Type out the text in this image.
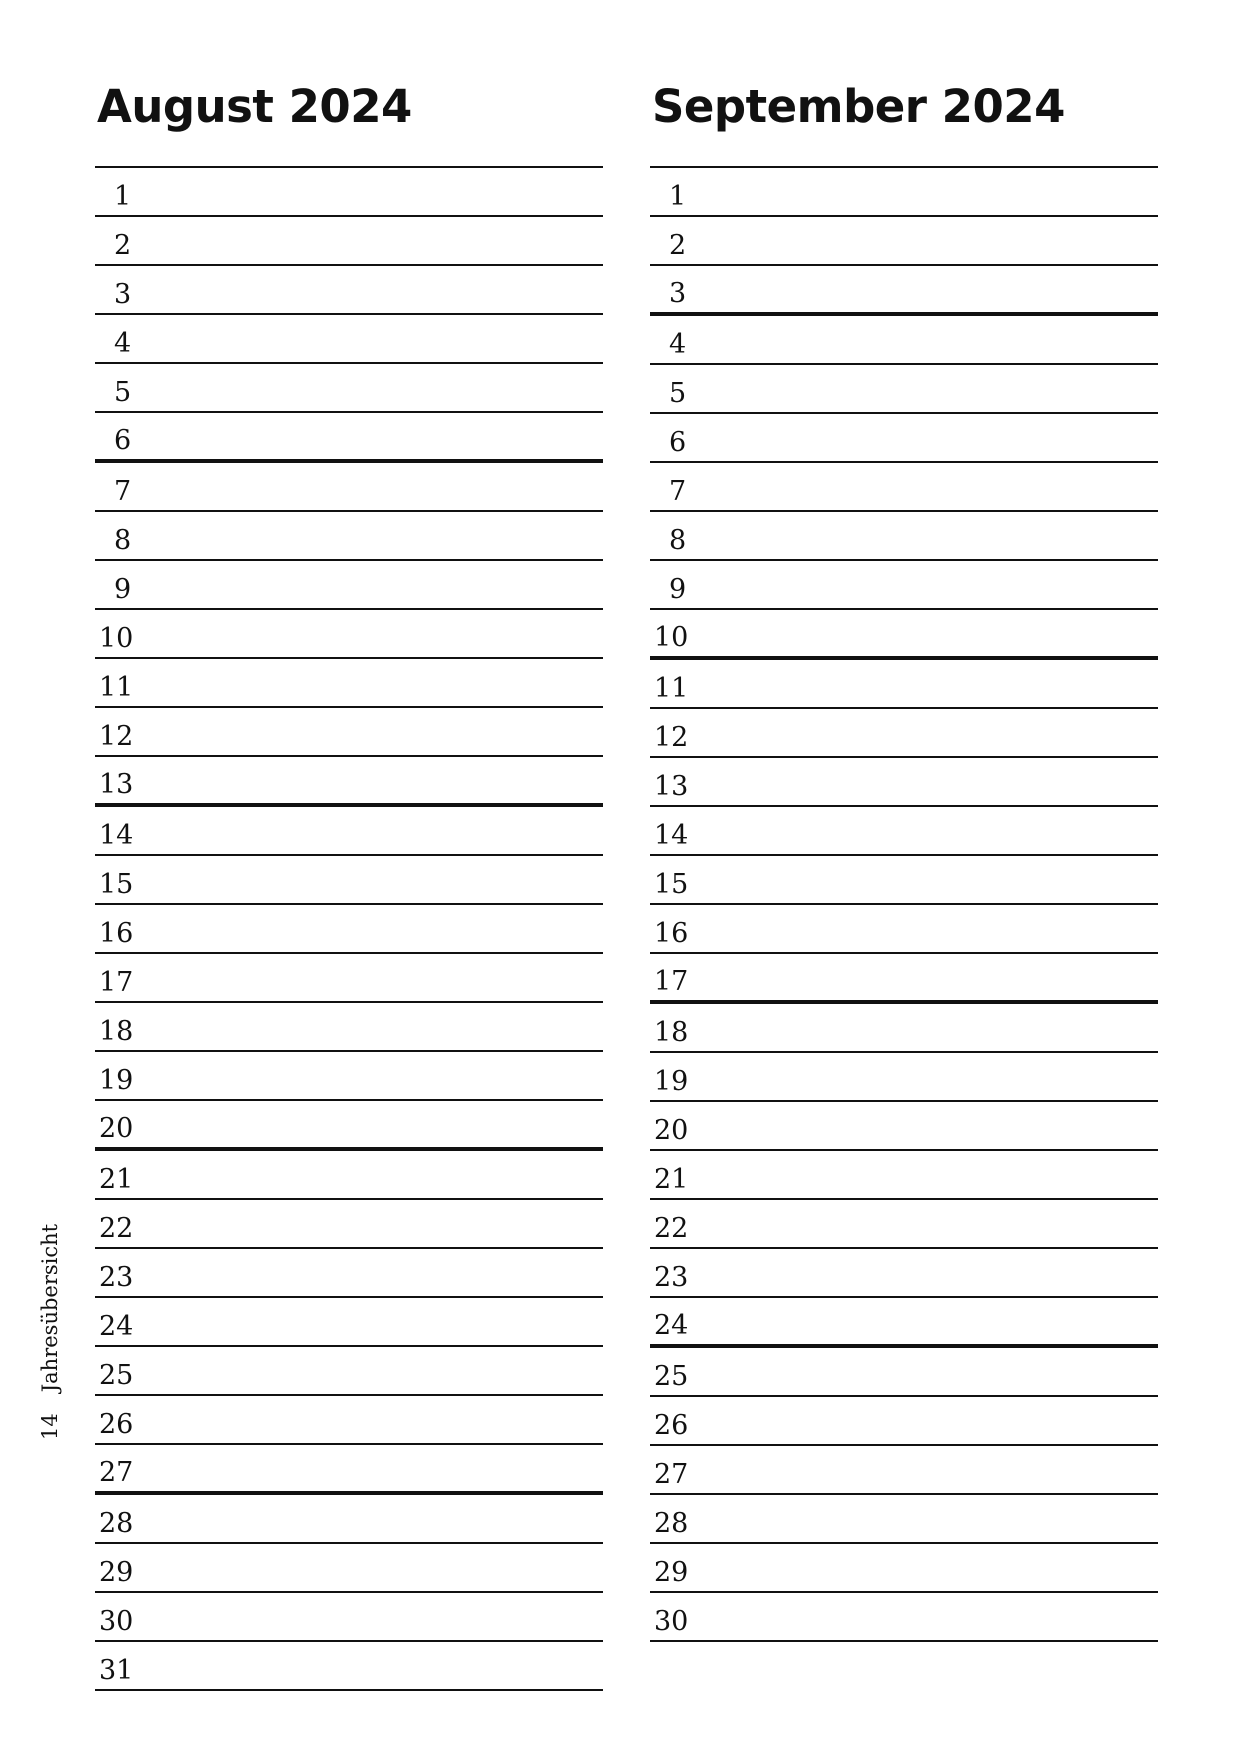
August 2024
1
2
3
4
5
6
7
8
9
10
11
12
13
14
15
16
17
18
19
20
21
22
23
24
25
26
27
28
29
30
31
September 2024
1
2
3
4
5
6
7
8
9
10
11
12
13
14
15
16
17
18
19
20
21
22
23
24
25
26
27
28
29
30
14 Jahresübersicht
